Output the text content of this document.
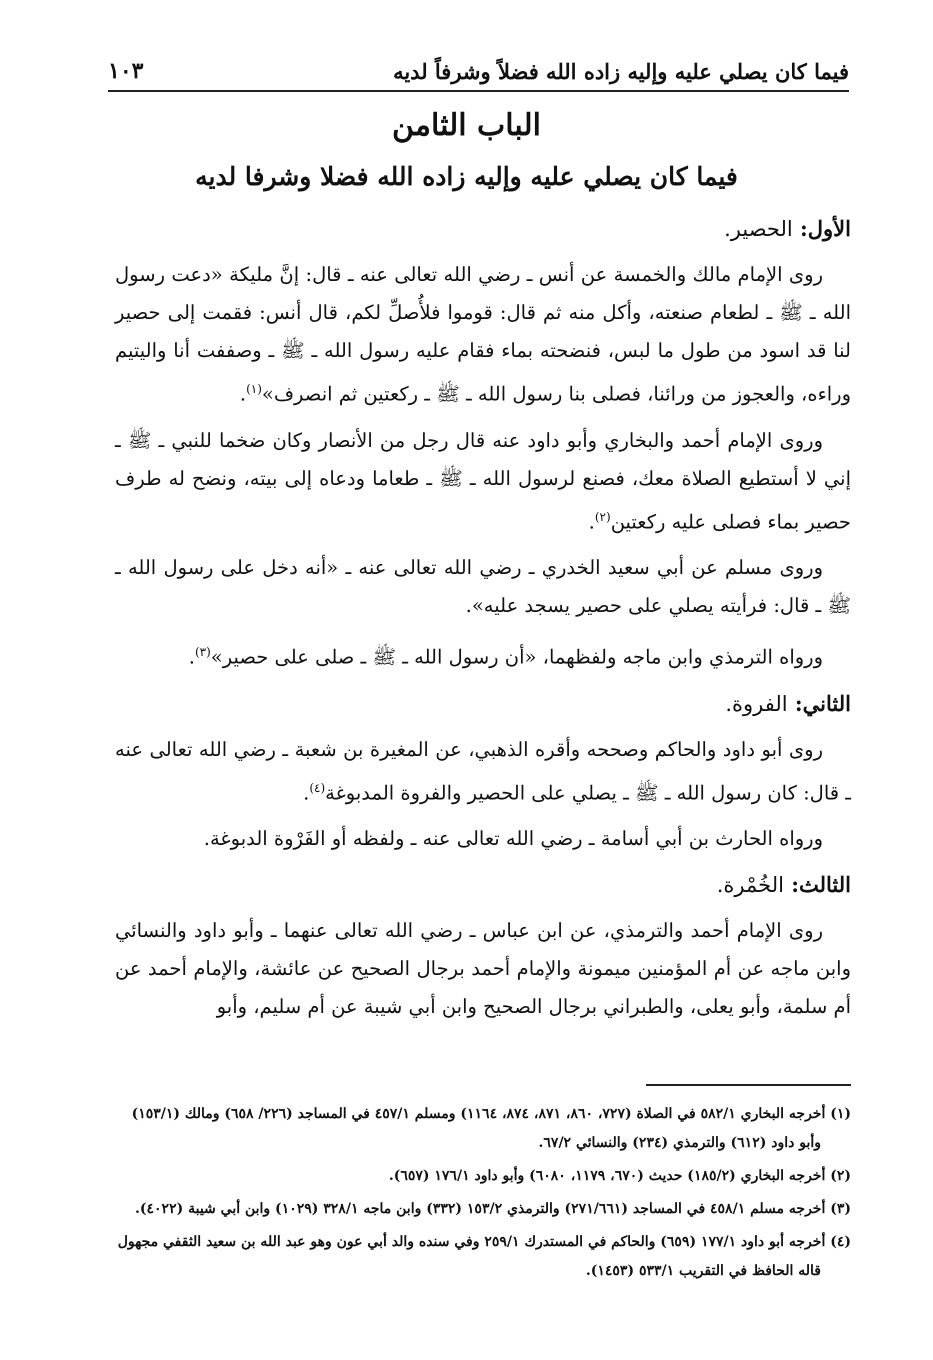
فيما كان يصلي عليه وإليه زاده الله فضلاً وشرفاً لديه
١٠٣
الباب الثامن
فيما كان يصلي عليه وإليه زاده الله فضلا وشرفا لديه
الأول: الحصير.

روى الإمام مالك والخمسة عن أنس ـ رضي الله تعالى عنه ـ قال: إنَّ مليكة «دعت رسول الله ـ ﷺ ـ لطعام صنعته، وأكل منه ثم قال: قوموا فلأُصلِّ لكم، قال أنس: فقمت إلى حصير لنا قد اسود من طول ما لبس، فنضحته بماء فقام عليه رسول الله ـ ﷺ ـ وصففت أنا واليتيم وراءه، والعجوز من ورائنا، فصلى بنا رسول الله ـ ﷺ ـ ركعتين ثم انصرف»$^{(١)}$.

وروى الإمام أحمد والبخاري وأبو داود عنه قال رجل من الأنصار وكان ضخما للنبي ـ ﷺ ـ إني لا أستطيع الصلاة معك، فصنع لرسول الله ـ ﷺ ـ طعاما ودعاه إلى بيته، ونضح له طرف حصير بماء فصلى عليه ركعتين$^{(٢)}$.

وروى مسلم عن أبي سعيد الخدري ـ رضي الله تعالى عنه ـ «أنه دخل على رسول الله ـ ﷺ ـ قال: فرأيته يصلي على حصير يسجد عليه».

ورواه الترمذي وابن ماجه ولفظهما، «أن رسول الله ـ ﷺ ـ صلى على حصير»$^{(٣)}$.

الثاني: الفروة.

روى أبو داود والحاكم وصححه وأقره الذهبي، عن المغيرة بن شعبة ـ رضي الله تعالى عنه ـ قال: كان رسول الله ـ ﷺ ـ يصلي على الحصير والفروة المدبوغة$^{(٤)}$.

ورواه الحارث بن أبي أسامة ـ رضي الله تعالى عنه ـ ولفظه أو الفَرْوة الدبوغة.

الثالث: الخُمْرة.

روى الإمام أحمد والترمذي، عن ابن عباس ـ رضي الله تعالى عنهما ـ وأبو داود والنسائي وابن ماجه عن أم المؤمنين ميمونة والإمام أحمد برجال الصحيح عن عائشة، والإمام أحمد عن أم سلمة، وأبو يعلى، والطبراني برجال الصحيح وابن أبي شيبة عن أم سليم، وأبو

(١) أخرجه البخاري ٥٨٢/١ في الصلاة (٧٢٧، ٨٦٠، ٨٧١، ٨٧٤، ١١٦٤) ومسلم ٤٥٧/١ في المساجد (٢٢٦/ ٦٥٨) ومالك (١٥٣/١) وأبو داود (٦١٢) والترمذي (٢٣٤) والنسائي ٦٧/٢.

(٢) أخرجه البخاري (١٨٥/٢) حديث (٦٧٠، ١١٧٩، ٦٠٨٠) وأبو داود ١٧٦/١ (٦٥٧).

(٣) أخرجه مسلم ٤٥٨/١ في المساجد (٢٧١/٦٦١) والترمذي ١٥٣/٢ (٣٣٢) وابن ماجه ٣٢٨/١ (١٠٢٩) وابن أبي شيبة (٤٠٢٢).

(٤) أخرجه أبو داود ١٧٧/١ (٦٥٩) والحاكم في المستدرك ٢٥٩/١ وفي سنده والد أبي عون وهو عبد الله بن سعيد الثقفي مجهول قاله الحافظ في التقريب ٥٣٣/١ (١٤٥٣).
